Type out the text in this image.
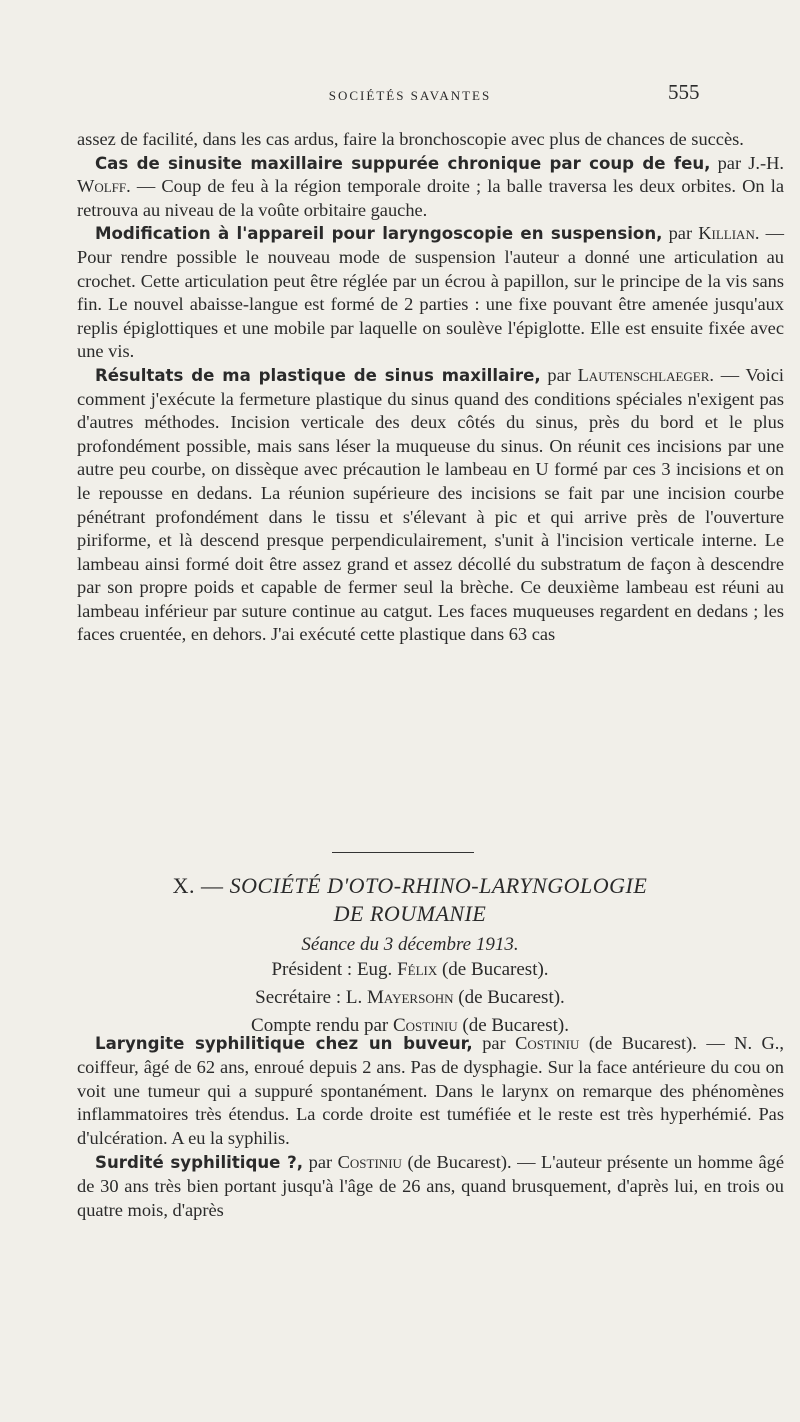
SOCIÉTÉS SAVANTES	555

assez de facilité, dans les cas ardus, faire la bronchoscopie avec plus de chances de succès.

Cas de sinusite maxillaire suppurée chronique par coup de feu, par J.-H. Wolff. — Coup de feu à la région temporale droite ; la balle traversa les deux orbites. On la retrouva au niveau de la voûte orbitaire gauche.

Modification à l'appareil pour laryngoscopie en suspension, par Killian. — Pour rendre possible le nouveau mode de suspension l'auteur a donné une articulation au crochet. Cette articulation peut être réglée par un écrou à papillon, sur le principe de la vis sans fin. Le nouvel abaisse-langue est formé de 2 parties : une fixe pouvant être amenée jusqu'aux replis épiglottiques et une mobile par laquelle on soulève l'épiglotte. Elle est ensuite fixée avec une vis.

Résultats de ma plastique de sinus maxillaire, par Lautenschlaeger. — Voici comment j'exécute la fermeture plastique du sinus quand des conditions spéciales n'exigent pas d'autres méthodes. Incision verticale des deux côtés du sinus, près du bord et le plus profondément possible, mais sans léser la muqueuse du sinus. On réunit ces incisions par une autre peu courbe, on dissèque avec précaution le lambeau en U formé par ces 3 incisions et on le repousse en dedans. La réunion supérieure des incisions se fait par une incision courbe pénétrant profondément dans le tissu et s'élevant à pic et qui arrive près de l'ouverture piriforme, et là descend presque perpendiculairement, s'unit à l'incision verticale interne. Le lambeau ainsi formé doit être assez grand et assez décollé du substratum de façon à descendre par son propre poids et capable de fermer seul la brèche. Ce deuxième lambeau est réuni au lambeau inférieur par suture continue au catgut. Les faces muqueuses regardent en dedans ; les faces cruentée, en dehors. J'ai exécuté cette plastique dans 63 cas

X. — SOCIÉTÉ D'OTO-RHINO-LARYNGOLOGIE
DE ROUMANIE
Séance du 3 décembre 1913.
Président : Eug. Félix (de Bucarest).
Secrétaire : L. Mayersohn (de Bucarest).
Compte rendu par Costiniu (de Bucarest).

Laryngite syphilitique chez un buveur, par Costiniu (de Bucarest). — N. G., coiffeur, âgé de 62 ans, enroué depuis 2 ans. Pas de dysphagie. Sur la face antérieure du cou on voit une tumeur qui a suppuré spontanément. Dans le larynx on remarque des phénomènes inflammatoires très étendus. La corde droite est tuméfiée et le reste est très hyperhémié. Pas d'ulcération. A eu la syphilis.

Surdité syphilitique ?, par Costiniu (de Bucarest). — L'auteur présente un homme âgé de 30 ans très bien portant jusqu'à l'âge de 26 ans, quand brusquement, d'après lui, en trois ou quatre mois, d'après
